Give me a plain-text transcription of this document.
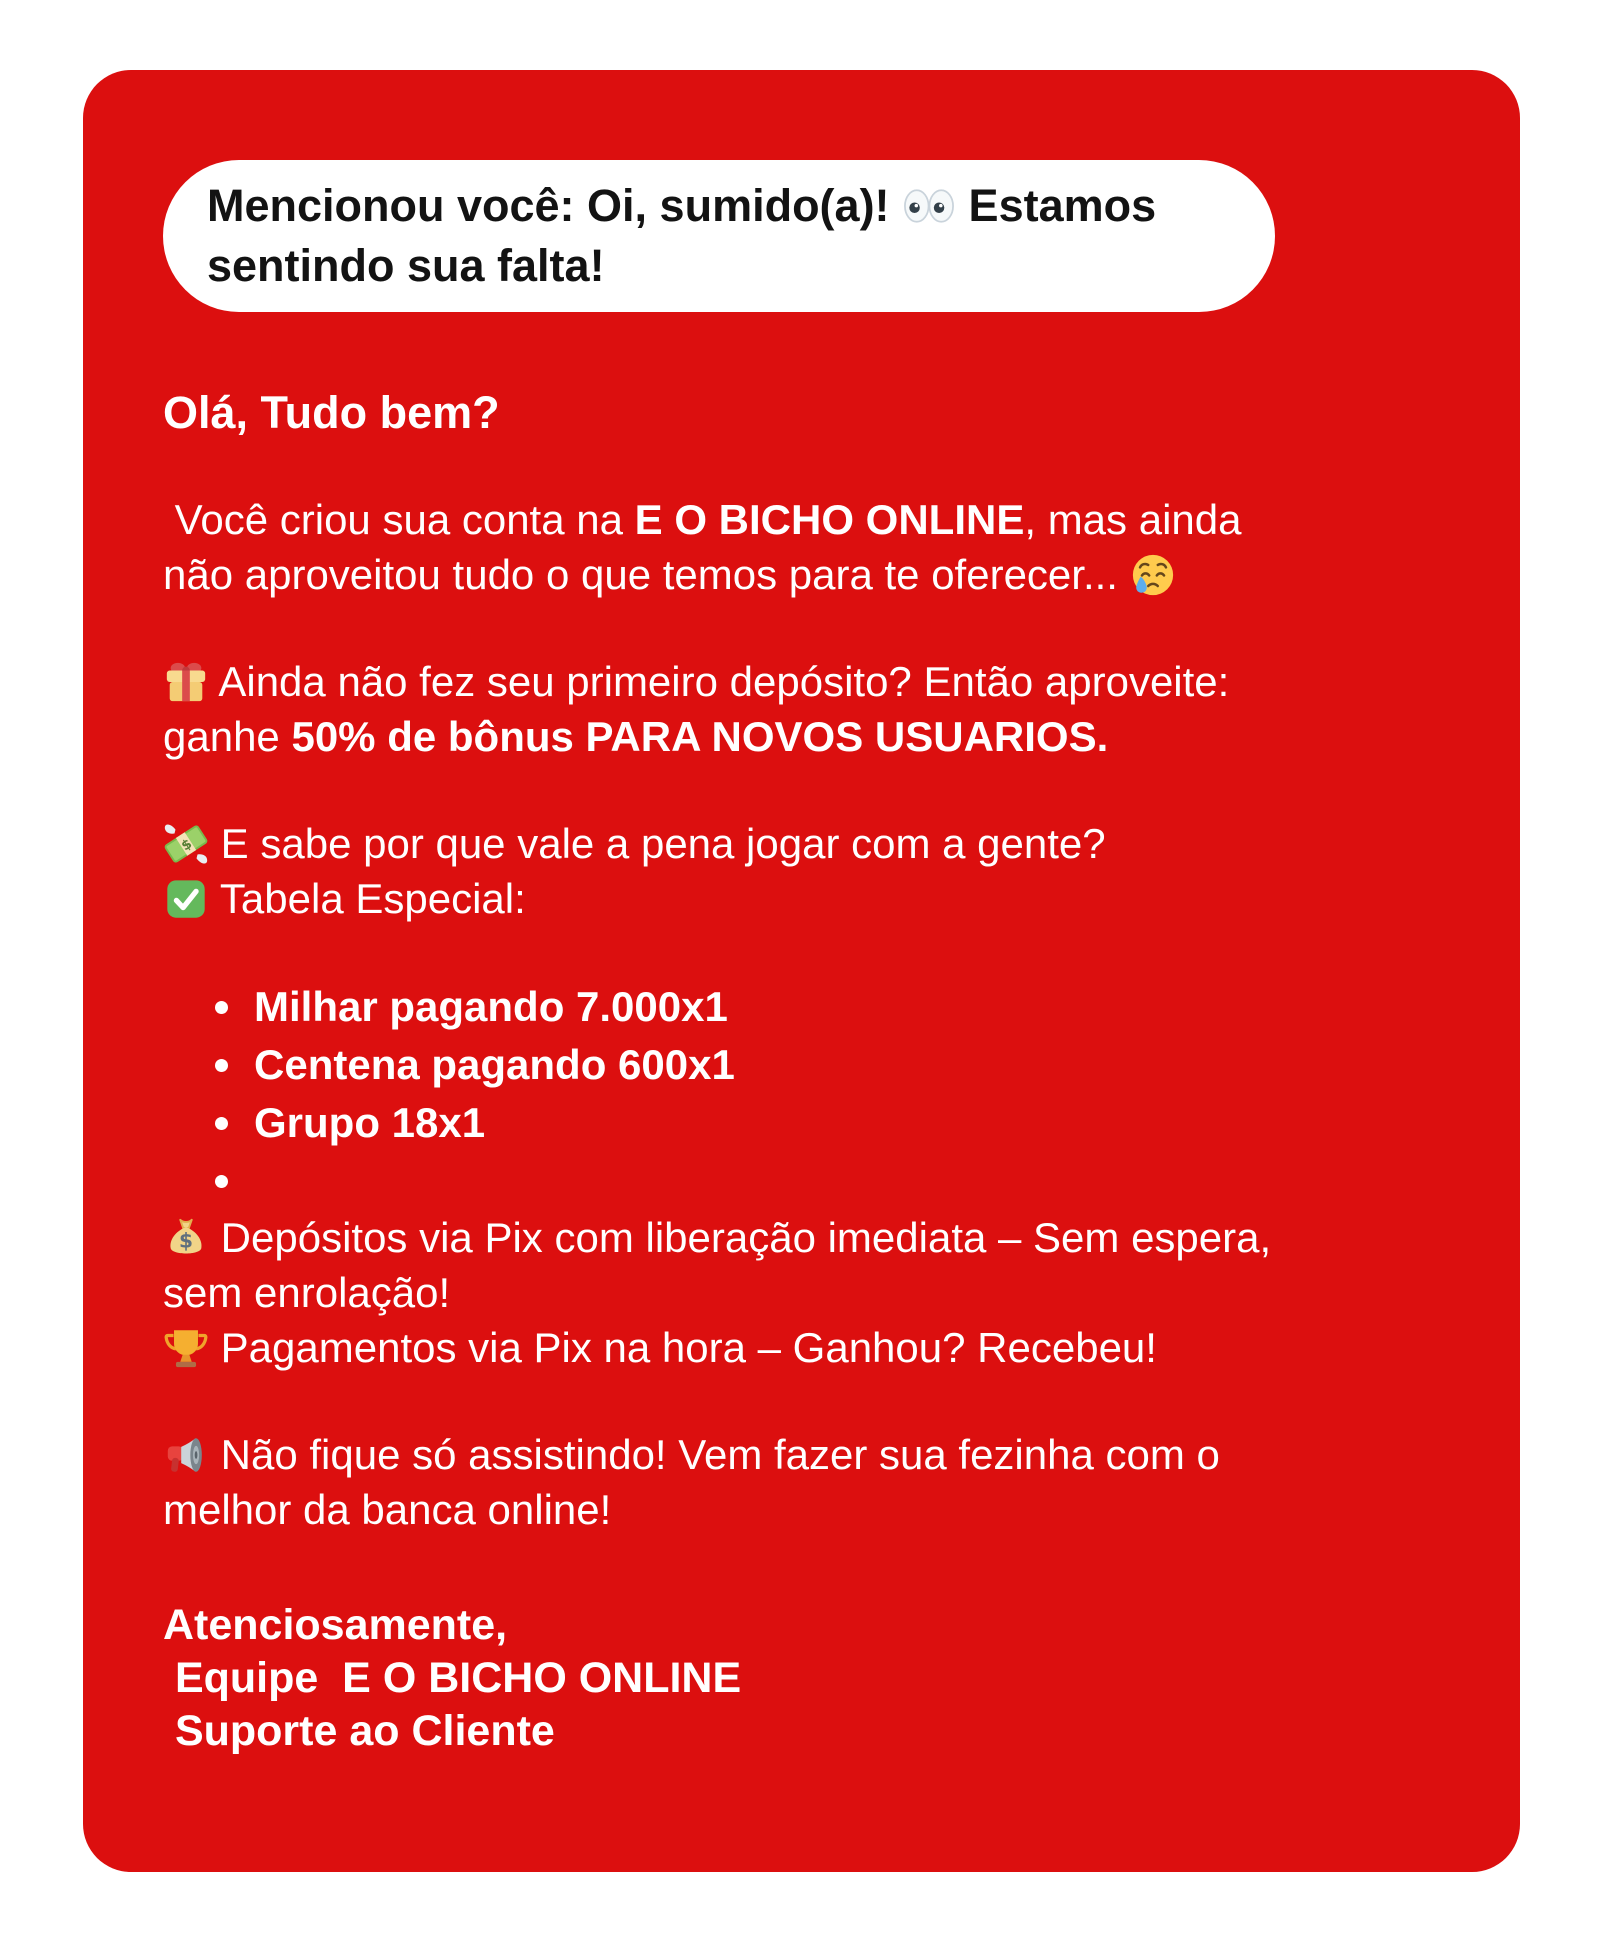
Mencionou você: Oi, sumido(a)!  Estamos
sentindo sua falta!
Olá, Tudo bem?

Você criou sua conta na E O BICHO ONLINE, mas ainda
não aproveitou tudo o que temos para te oferecer...

Ainda não fez seu primeiro depósito? Então aproveite:
ganhe 50% de bônus PARA NOVOS USUARIOS.

E sabe por que vale a pena jogar com a gente?
Tabela Especial:

Milhar pagando 7.000x1
Centena pagando 600x1
Grupo 18x1

Depósitos via Pix com liberação imediata – Sem espera,
sem enrolação!
Pagamentos via Pix na hora – Ganhou? Recebeu!

Não fique só assistindo! Vem fazer sua fezinha com o
melhor da banca online!

Atenciosamente,
Equipe  E O BICHO ONLINE
Suporte ao Cliente
